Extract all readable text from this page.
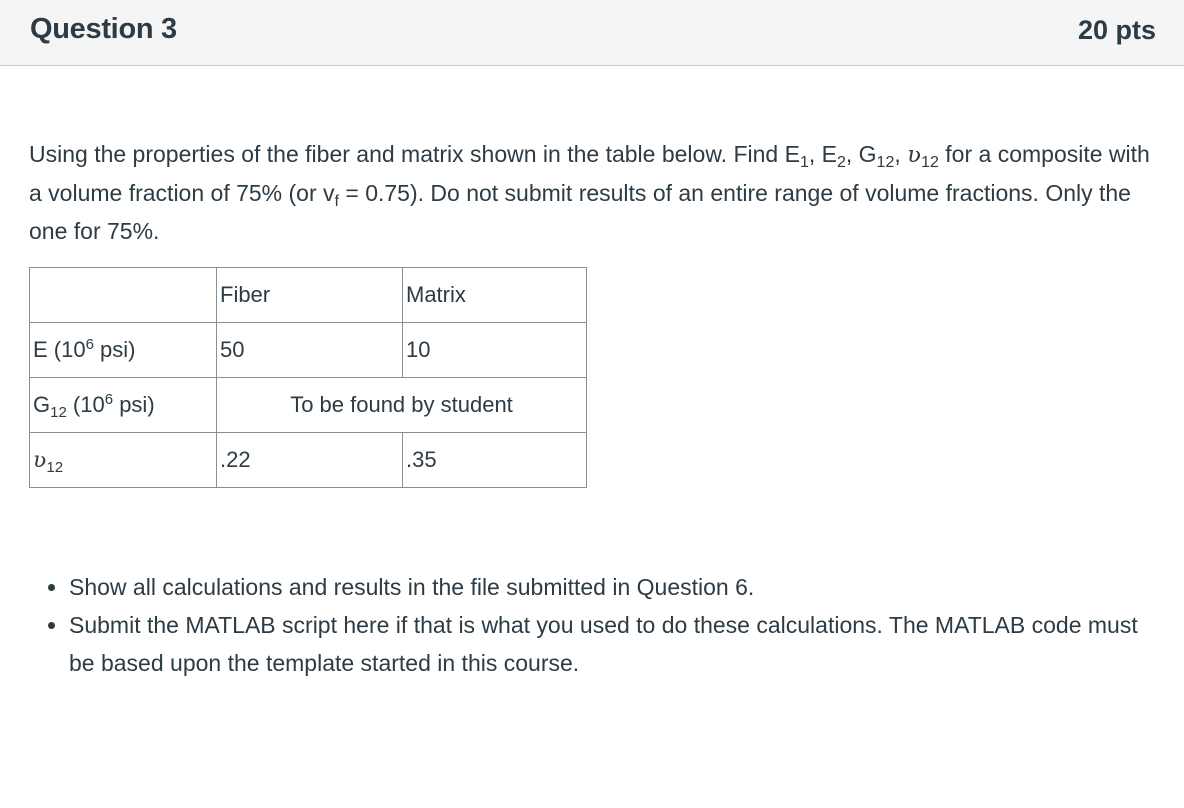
Question 3	20 pts
Using the properties of the fiber and matrix shown in the table below. Find $E_1$, $E_2$, $G_{12}$, ʋ$_{12}$ for a composite with a volume fraction of 75% (or $v_f = 0.75$). Do not submit results of an entire range of volume fractions. Only the one for 75%.
	Fiber	Matrix
E ($10^6$ psi)	50	10
$G_{12}$ ($10^6$ psi)	To be found by student	
ʋ$_{12}$	.22	.35
• Show all calculations and results in the file submitted in Question 6.
• Submit the MATLAB script here if that is what you used to do these calculations. The MATLAB code must be based upon the template started in this course.
